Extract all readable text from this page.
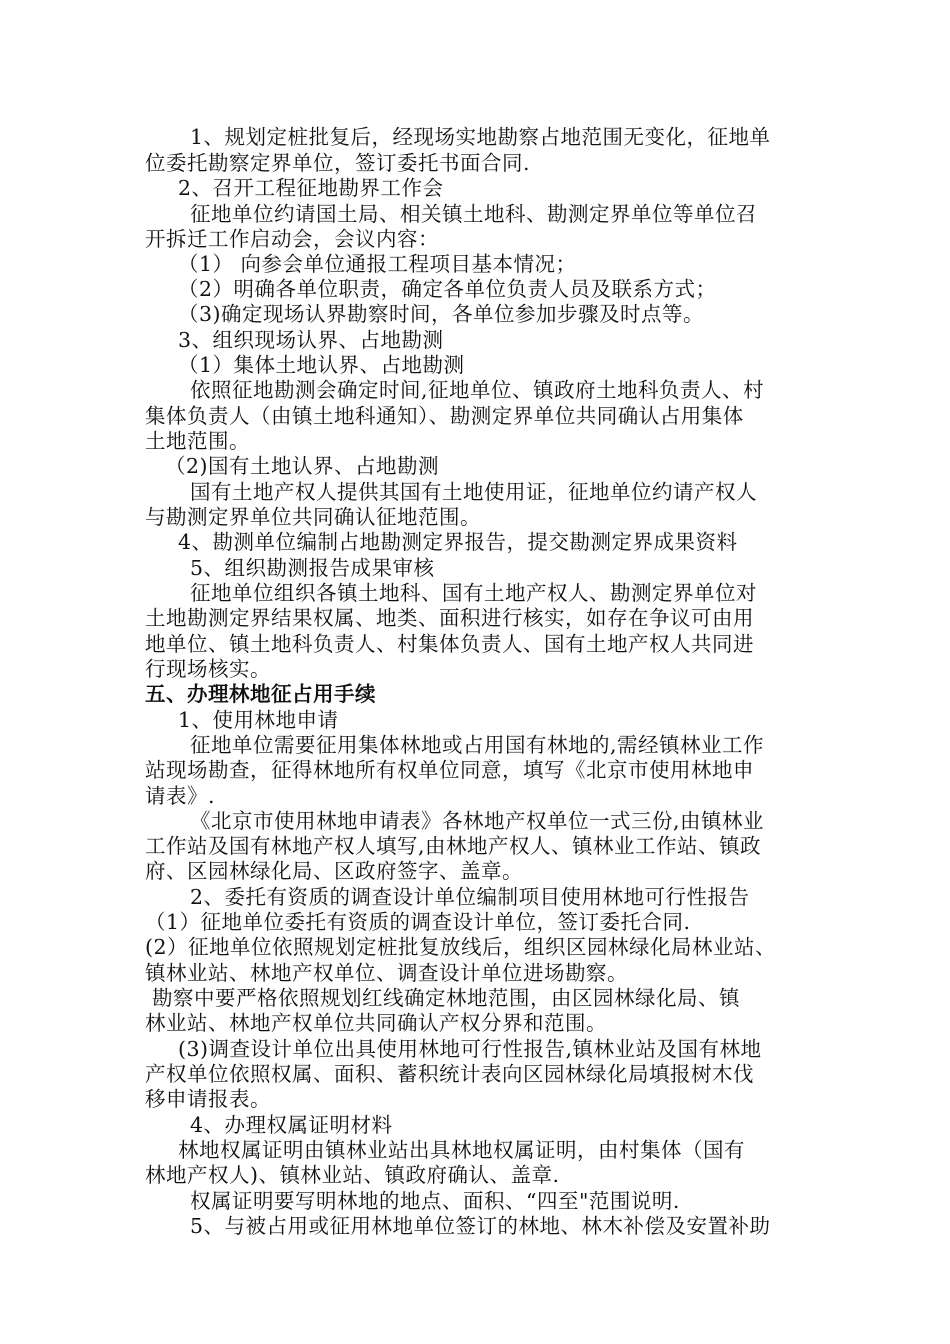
1、规划定桩批复后，经现场实地勘察占地范围无变化，征地单

位委托勘察定界单位，签订委托书面合同.

2、召开工程征地勘界工作会

征地单位约请国土局、相关镇土地科、勘测定界单位等单位召

开拆迁工作启动会，会议内容：

（1） 向参会单位通报工程项目基本情况；

（2）明确各单位职责，确定各单位负责人员及联系方式；

（3)确定现场认界勘察时间，各单位参加步骤及时点等。

3、组织现场认界、占地勘测

（1）集体土地认界、占地勘测

依照征地勘测会确定时间,征地单位、镇政府土地科负责人、村

集体负责人（由镇土地科通知）、勘测定界单位共同确认占用集体

土地范围。

（2)国有土地认界、占地勘测

国有土地产权人提供其国有土地使用证，征地单位约请产权人

与勘测定界单位共同确认征地范围。

4、勘测单位编制占地勘测定界报告，提交勘测定界成果资料

5、组织勘测报告成果审核

征地单位组织各镇土地科、国有土地产权人、勘测定界单位对

土地勘测定界结果权属、地类、面积进行核实，如存在争议可由用

地单位、镇土地科负责人、村集体负责人、国有土地产权人共同进

行现场核实。

五、办理林地征占用手续

1、使用林地申请

征地单位需要征用集体林地或占用国有林地的,需经镇林业工作

站现场勘查，征得林地所有权单位同意，填写《北京市使用林地申

请表》.

《北京市使用林地申请表》各林地产权单位一式三份,由镇林业

工作站及国有林地产权人填写,由林地产权人、镇林业工作站、镇政

府、区园林绿化局、区政府签字、盖章。

2、委托有资质的调查设计单位编制项目使用林地可行性报告

（1）征地单位委托有资质的调查设计单位，签订委托合同.

(2）征地单位依照规划定桩批复放线后，组织区园林绿化局林业站、

镇林业站、林地产权单位、调查设计单位进场勘察。

勘察中要严格依照规划红线确定林地范围，由区园林绿化局、镇

林业站、林地产权单位共同确认产权分界和范围。

(3)调查设计单位出具使用林地可行性报告,镇林业站及国有林地

产权单位依照权属、面积、蓄积统计表向区园林绿化局填报树木伐

移申请报表。

4、办理权属证明材料

林地权属证明由镇林业站出具林地权属证明，由村集体（国有

林地产权人)、镇林业站、镇政府确认、盖章.

权属证明要写明林地的地点、面积、“四至"范围说明.

5、与被占用或征用林地单位签订的林地、林木补偿及安置补助
